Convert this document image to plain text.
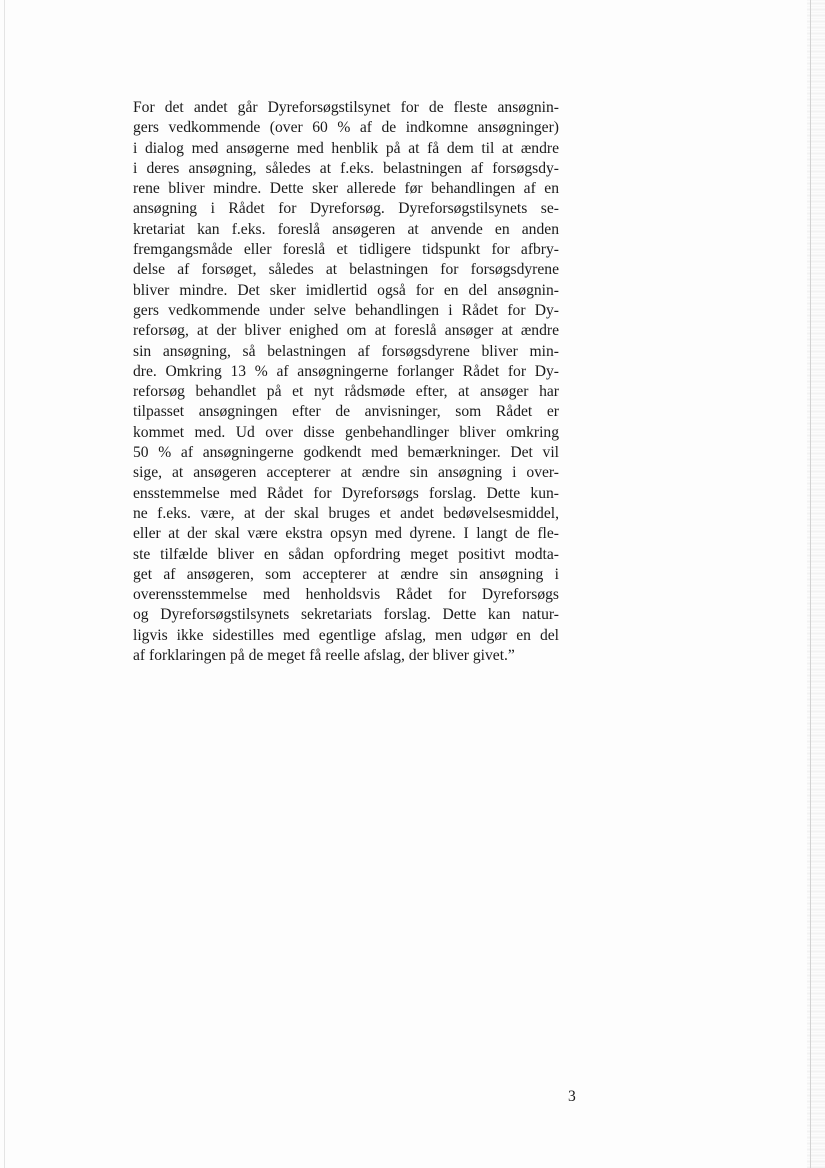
For det andet går Dyreforsøgstilsynet for de fleste ansøgnin-
gers vedkommende (over 60 % af de indkomne ansøgninger)
i dialog med ansøgerne med henblik på at få dem til at ændre
i deres ansøgning, således at f.eks. belastningen af forsøgsdy-
rene bliver mindre. Dette sker allerede før behandlingen af en
ansøgning i Rådet for Dyreforsøg. Dyreforsøgstilsynets se-
kretariat kan f.eks. foreslå ansøgeren at anvende en anden
fremgangsmåde eller foreslå et tidligere tidspunkt for afbry-
delse af forsøget, således at belastningen for forsøgsdyrene
bliver mindre. Det sker imidlertid også for en del ansøgnin-
gers vedkommende under selve behandlingen i Rådet for Dy-
reforsøg, at der bliver enighed om at foreslå ansøger at ændre
sin ansøgning, så belastningen af forsøgsdyrene bliver min-
dre. Omkring 13 % af ansøgningerne forlanger Rådet for Dy-
reforsøg behandlet på et nyt rådsmøde efter, at ansøger har
tilpasset ansøgningen efter de anvisninger, som Rådet er
kommet med. Ud over disse genbehandlinger bliver omkring
50 % af ansøgningerne godkendt med bemærkninger. Det vil
sige, at ansøgeren accepterer at ændre sin ansøgning i over-
ensstemmelse med Rådet for Dyreforsøgs forslag. Dette kun-
ne f.eks. være, at der skal bruges et andet bedøvelsesmiddel,
eller at der skal være ekstra opsyn med dyrene. I langt de fle-
ste tilfælde bliver en sådan opfordring meget positivt modta-
get af ansøgeren, som accepterer at ændre sin ansøgning i
overensstemmelse med henholdsvis Rådet for Dyreforsøgs
og Dyreforsøgstilsynets sekretariats forslag. Dette kan natur-
ligvis ikke sidestilles med egentlige afslag, men udgør en del
af forklaringen på de meget få reelle afslag, der bliver givet.”

3
